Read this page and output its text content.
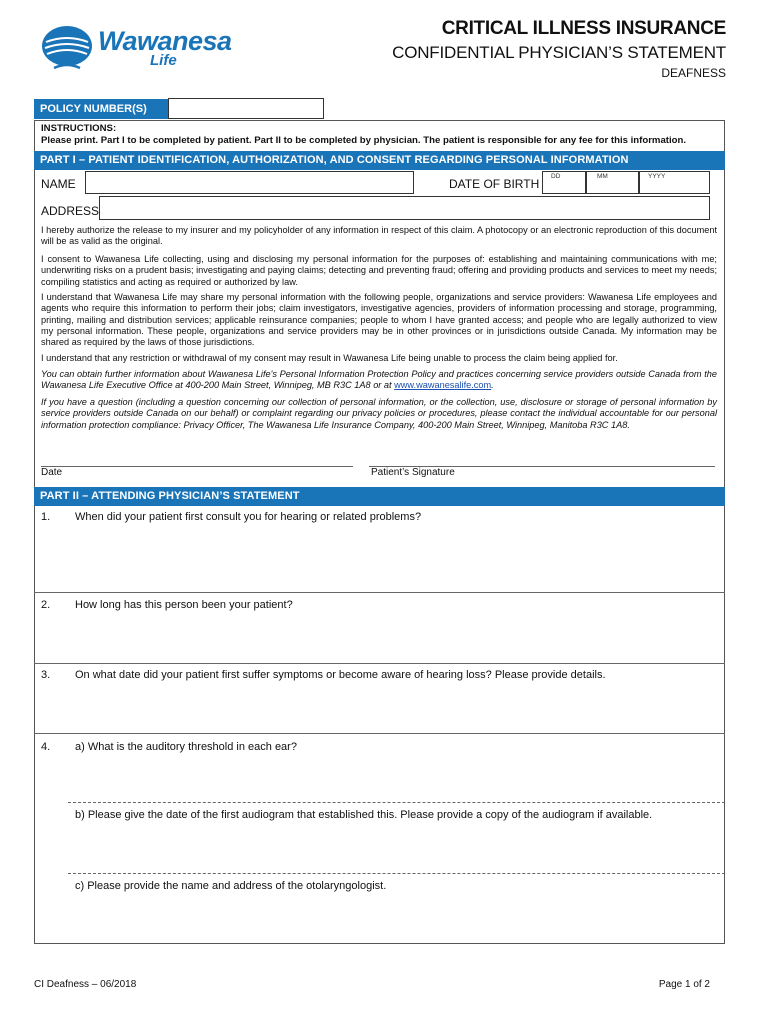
Wawanesa
Life
CRITICAL ILLNESS INSURANCE
CONFIDENTIAL PHYSICIAN’S STATEMENT
DEAFNESS
POLICY NUMBER(S)
INSTRUCTIONS:
Please print. Part I to be completed by patient. Part II to be completed by physician. The patient is responsible for any fee for this information.
PART I – PATIENT IDENTIFICATION, AUTHORIZATION, AND CONSENT REGARDING PERSONAL INFORMATION
NAME	DATE OF BIRTH
DD	MM	YYYY
ADDRESS
I hereby authorize the release to my insurer and my policyholder of any information in respect of this claim. A photocopy or an electronic reproduction of this document will be as valid as the original.
I consent to Wawanesa Life collecting, using and disclosing my personal information for the purposes of: establishing and maintaining communications with me; underwriting risks on a prudent basis; investigating and paying claims; detecting and preventing fraud; offering and providing products and services to meet my needs; compiling statistics and acting as required or authorized by law.
I understand that Wawanesa Life may share my personal information with the following people, organizations and service providers: Wawanesa Life employees and agents who require this information to perform their jobs; claim investigators, investigative agencies, providers of information processing and storage, programming, printing, mailing and distribution services; applicable reinsurance companies; people to whom I have granted access; and people who are legally authorized to view my personal information. These people, organizations and service providers may be in other provinces or in jurisdictions outside Canada. My information may be shared as required by the laws of those jurisdictions.
I understand that any restriction or withdrawal of my consent may result in Wawanesa Life being unable to process the claim being applied for.
You can obtain further information about Wawanesa Life's Personal Information Protection Policy and practices concerning service providers outside Canada from the Wawanesa Life Executive Office at 400-200 Main Street, Winnipeg, MB R3C 1A8 or at www.wawanesalife.com.
If you have a question (including a question concerning our collection of personal information, or the collection, use, disclosure or storage of personal information by service providers outside Canada on our behalf) or complaint regarding our privacy policies or procedures, please contact the individual accountable for our personal information protection compliance: Privacy Officer, The Wawanesa Life Insurance Company, 400-200 Main Street, Winnipeg, Manitoba R3C 1A8.
Date	Patient’s Signature
PART II – ATTENDING PHYSICIAN’S STATEMENT
1. When did your patient first consult you for hearing or related problems?
2. How long has this person been your patient?
3. On what date did your patient first suffer symptoms or become aware of hearing loss? Please provide details.
4. a) What is the auditory threshold in each ear?
b) Please give the date of the first audiogram that established this. Please provide a copy of the audiogram if available.
c) Please provide the name and address of the otolaryngologist.
CI Deafness – 06/2018	Page 1 of 2
